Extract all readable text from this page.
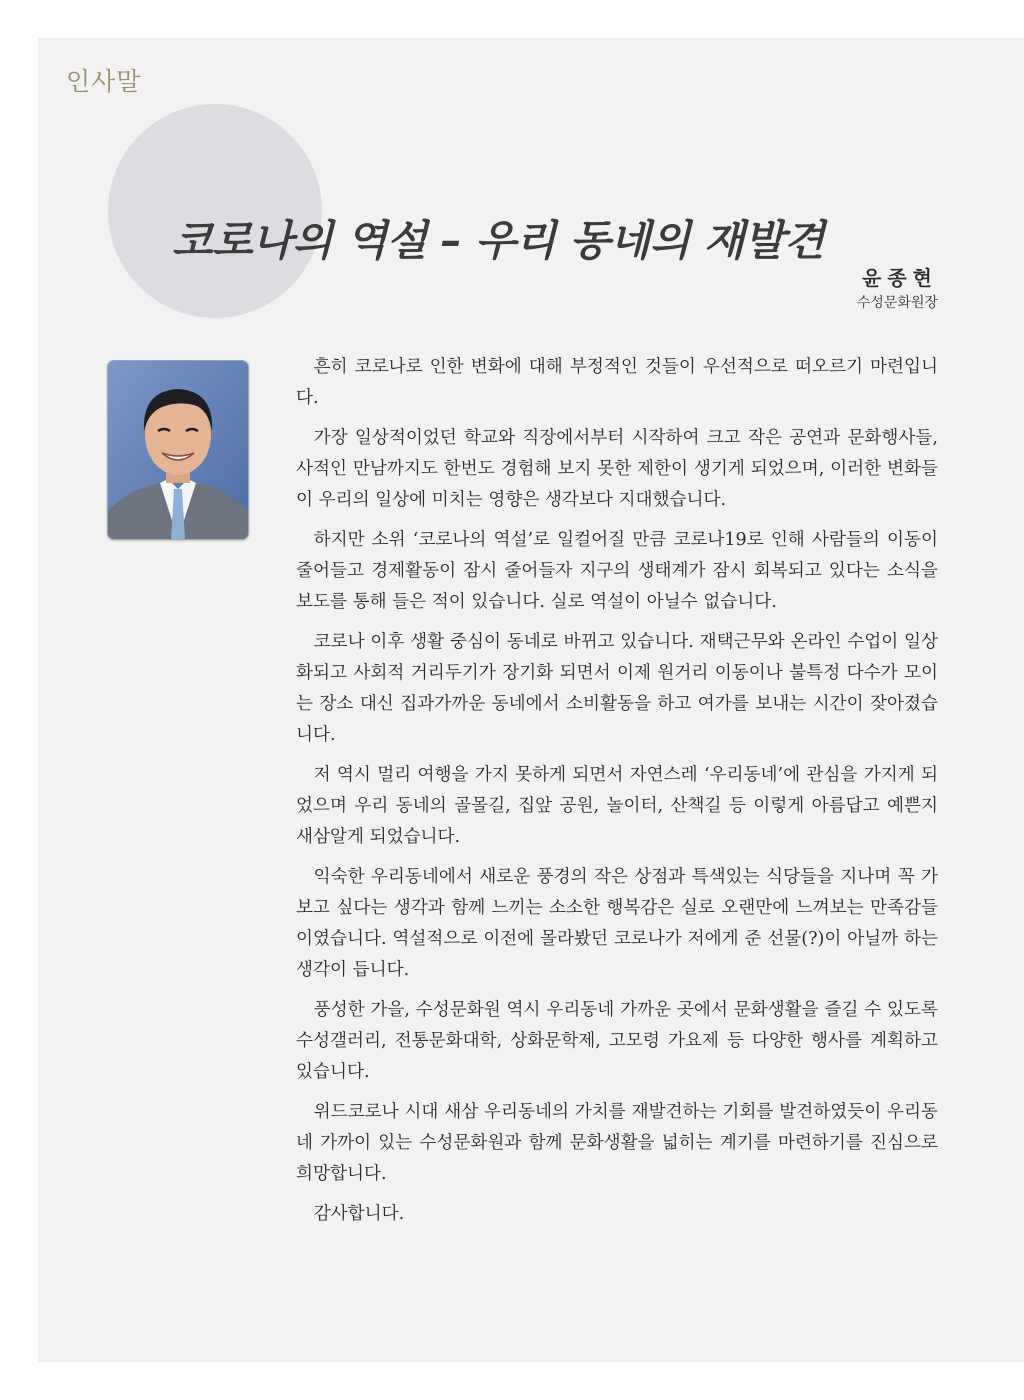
인사말
코로나의 역설 – 우리 동네의 재발견
윤종현
수성문화원장

흔히 코로나로 인한 변화에 대해 부정적인 것들이 우선적으로 떠오르기 마련입니다.

가장 일상적이었던 학교와 직장에서부터 시작하여 크고 작은 공연과 문화행사들, 사적인 만남까지도 한번도 경험해 보지 못한 제한이 생기게 되었으며, 이러한 변화들이 우리의 일상에 미치는 영향은 생각보다 지대했습니다.

하지만 소위 ‘코로나의 역설’로 일컬어질 만큼 코로나19로 인해 사람들의 이동이 줄어들고 경제활동이 잠시 줄어들자 지구의 생태계가 잠시 회복되고 있다는 소식을 보도를 통해 들은 적이 있습니다. 실로 역설이 아닐수 없습니다.

코로나 이후 생활 중심이 동네로 바뀌고 있습니다. 재택근무와 온라인 수업이 일상화되고 사회적 거리두기가 장기화 되면서 이제 원거리 이동이나 불특정 다수가 모이는 장소 대신 집과가까운 동네에서 소비활동을 하고 여가를 보내는 시간이 잦아졌습니다.

저 역시 멀리 여행을 가지 못하게 되면서 자연스레 ‘우리동네’에 관심을 가지게 되었으며 우리 동네의 골몰길, 집앞 공원, 놀이터, 산책길 등 이렇게 아름답고 예쁜지 새삼알게 되었습니다.

익숙한 우리동네에서 새로운 풍경의 작은 상점과 특색있는 식당들을 지나며 꼭 가보고 싶다는 생각과 함께 느끼는 소소한 행복감은 실로 오랜만에 느껴보는 만족감들이였습니다. 역설적으로 이전에 몰라봤던 코로나가 저에게 준 선물(?)이 아닐까 하는 생각이 듭니다.

풍성한 가을, 수성문화원 역시 우리동네 가까운 곳에서 문화생활을 즐길 수 있도록 수성갤러리, 전통문화대학, 상화문학제, 고모령 가요제 등 다양한 행사를 계획하고 있습니다.

위드코로나 시대 새삼 우리동네의 가치를 재발견하는 기회를 발견하였듯이 우리동네 가까이 있는 수성문화원과 함께 문화생활을 넓히는 계기를 마련하기를 진심으로 희망합니다.

감사합니다.
